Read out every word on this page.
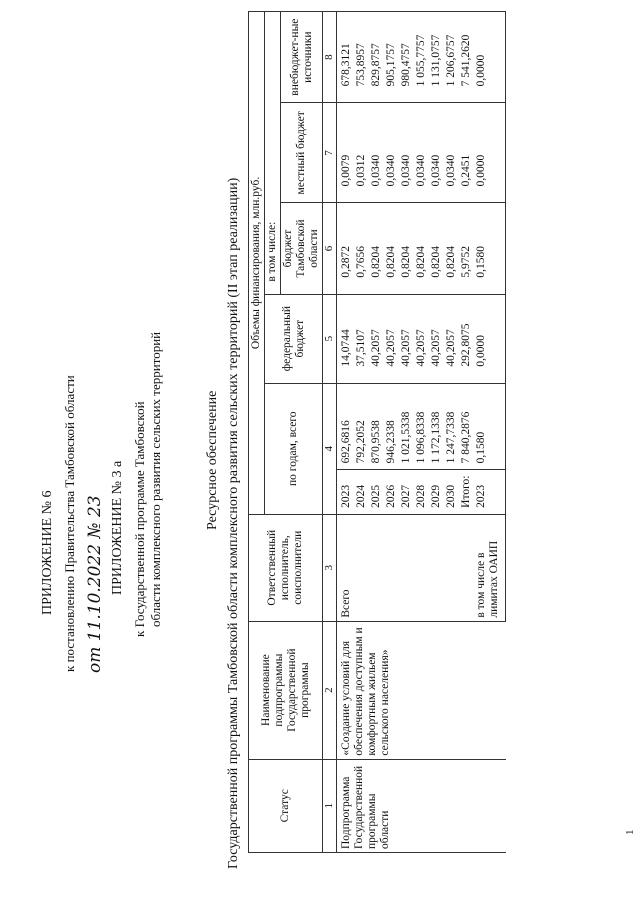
ПРИЛОЖЕНИЕ № 6 к постановлению Правительства Тамбовской области от 11.10.2022 № 23 ПРИЛОЖЕНИЕ № 3 а к Государственной программе Тамбовской области комплексного развития сельских территорий	Ресурсное обеспечение Государственной программы Тамбовской области комплексного развития сельских территорий (II этап реализации)	Статус	Наименование подпрограммы Государственной программы	Ответственный исполнитель, соисполнители	Объемы финансирования, млн.руб.					
			по годам, всего		федеральный бюджет	в том числе:		
						бюджет Тамбовской области	местный бюджет	внебюджет-ные источники
1	2	3	4		5	6	7	8
Подпрограмма Государственной программы области	«Создание условий для обеспечения доступным и комфортным жильем сельского населения»	Всего	2023	692,6816	14,0744	0,2872	0,0079	678,3121
			2024	792,2052	37,5107	0,7656	0,0312	753,8957
			2025	870,9538	40,2057	0,8204	0,0340	829,8757
			2026	946,2338	40,2057	0,8204	0,0340	905,1757
			2027	1 021,5338	40,2057	0,8204	0,0340	980,4757
			2028	1 096,8338	40,2057	0,8204	0,0340	1 055,7757
			2029	1 172,1338	40,2057	0,8204	0,0340	1 131,0757
			2030	1 247,7338	40,2057	0,8204	0,0340	1 206,6757
			Итого:	7 840,2876	292,8075	5,9752	0,2451	7 541,2620
		в том числе в лимитах ОАИП	2023	0,1580	0,0000	0,1580	0,0000	0,0000
1
